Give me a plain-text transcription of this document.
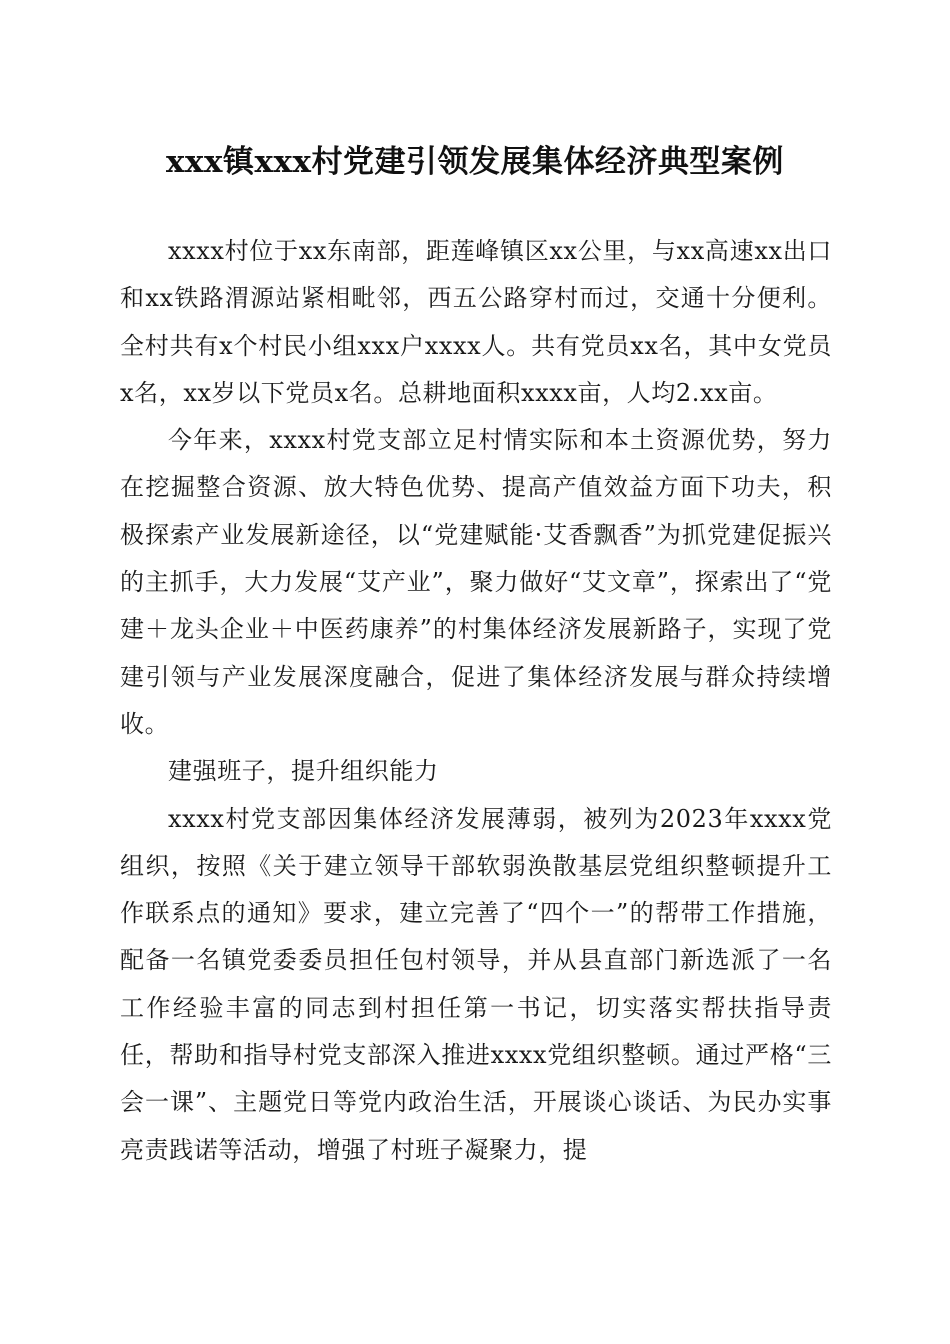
xxx镇xxx村党建引领发展集体经济典型案例

xxxx村位于xx东南部，距莲峰镇区xx公里，与xx高速xx出口和xx铁路渭源站紧相毗邻，西五公路穿村而过，交通十分便利。全村共有x个村民小组xxx户xxxx人。共有党员xx名，其中女党员x名，xx岁以下党员x名。总耕地面积xxxx亩，人均2.xx亩。

今年来，xxxx村党支部立足村情实际和本土资源优势，努力在挖掘整合资源、放大特色优势、提高产值效益方面下功夫，积极探索产业发展新途径，以“党建赋能·艾香飘香”为抓党建促振兴的主抓手，大力发展“艾产业”，聚力做好“艾文章”，探索出了“党建＋龙头企业＋中医药康养”的村集体经济发展新路子，实现了党建引领与产业发展深度融合，促进了集体经济发展与群众持续增收。

建强班子，提升组织能力

xxxx村党支部因集体经济发展薄弱，被列为2023年xxxx党组织，按照《关于建立领导干部软弱涣散基层党组织整顿提升工作联系点的通知》要求，建立完善了“四个一”的帮带工作措施，配备一名镇党委委员担任包村领导，并从县直部门新选派了一名工作经验丰富的同志到村担任第一书记，切实落实帮扶指导责任，帮助和指导村党支部深入推进xxxx党组织整顿。通过严格“三会一课”、主题党日等党内政治生活，开展谈心谈话、为民办实事亮责践诺等活动，增强了村班子凝聚力，提
